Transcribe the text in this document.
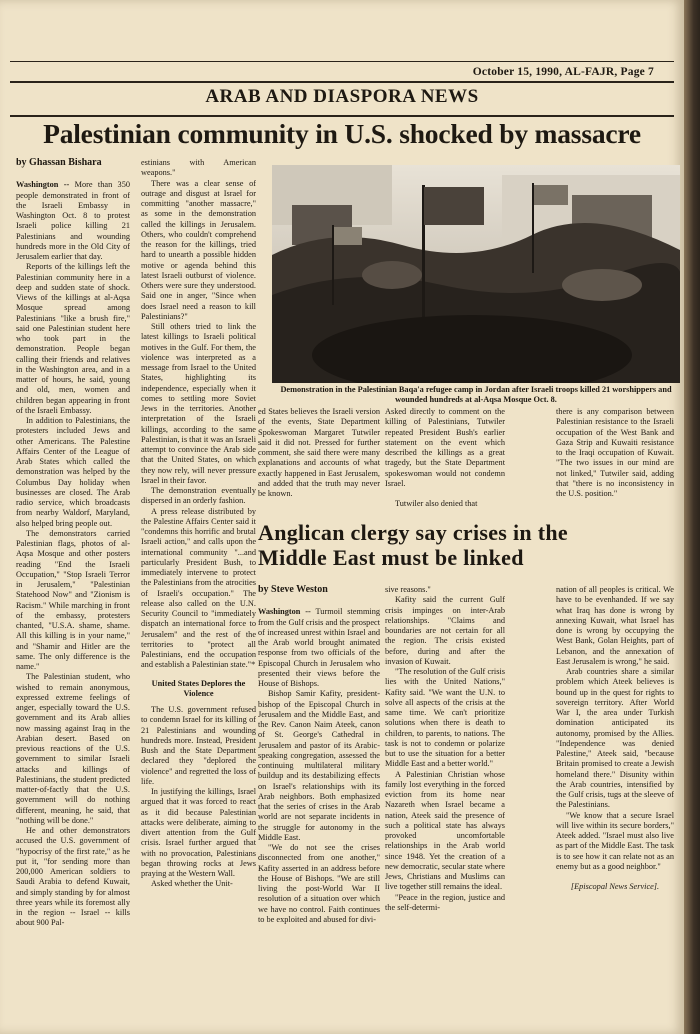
October 15, 1990, AL-FAJR, Page 7
ARAB AND DIASPORA NEWS
Palestinian community in U.S. shocked by massacre
by Ghassan Bishara

Washington -- More than 350 people demonstrated in front of the Israeli Embassy in Washington Oct. 8 to protest Israeli police killing 21 Palestinians and wounding hundreds more in the Old City of Jerusalem earlier that day.

Reports of the killings left the Palestinian community here in a deep and sudden state of shock. Views of the killings at al-Aqsa Mosque spread among Palestinians "like a brush fire," said one Palestinian student here who took part in the demonstration. People began calling their friends and relatives in the Washington area, and in a matter of hours, he said, young and old, men, women and children began appearing in front of the Israeli Embassy.

In addition to Palestinians, the protesters included Jews and other Americans. The Palestine Affairs Center of the League of Arab States which called the demonstration was helped by the Columbus Day holiday when businesses are closed. The Arab radio service, which broadcasts from nearby Waldorf, Maryland, also helped bring people out.

The demonstrators carried Palestinian flags, photos of al-Aqsa Mosque and other posters reading "End the Israeli Occupation," "Stop Israeli Terror in Jerusalem," "Palestinian Statehood Now" and "Zionism is Racism." While marching in front of the embassy, protesters chanted, "U.S.A. shame, shame. All this killing is in your name," and "Shamir and Hitler are the same. The only difference is the name."

The Palestinian student, who wished to remain anonymous, expressed extreme feelings of anger, especially toward the U.S. government and its Arab allies now massing against Iraq in the Arabian desert. Based on previous reactions of the U.S. government to similar Israeli attacks and killings of Palestinians, the student predicted matter-of-factly that the U.S. government will do nothing different, meaning, he said, that "nothing will be done."

He and other demonstrators accused the U.S. government of "hypocrisy of the first rate," as he put it, "for sending more than 200,000 American soldiers to Saudi Arabia to defend Kuwait, and simply standing by for almost three years while its foremost ally in the region -- Israel -- kills about 900 Pal-

estinians with American weapons."

There was a clear sense of outrage and disgust at Israel for committing "another massacre," as some in the demonstration called the killings in Jerusalem. Others, who couldn't comprehend the reason for the killings, tried hard to unearth a possible hidden motive or agenda behind this latest Israeli outburst of violence. Others were sure they understood. Said one in anger, "Since when does Israel need a reason to kill Palestinians?"

Still others tried to link the latest killings to Israeli political motives in the Gulf. For them, the violence was interpreted as a message from Israel to the United States, highlighting its independence, especially when it comes to settling more Soviet Jews in the territories. Another interpretation of the Israeli killings, according to the same Palestinian, is that it was an Israeli attempt to convince the Arab side that the United States, on which they now rely, will never pressure Israel in their favor.

The demonstration eventually dispersed in an orderly fashion.

A press release distributed by the Palestine Affairs Center said it "condemns this horrific and brutal Israeli action," and calls upon the international community "...and particularly President Bush, to immediately intervene to protect the Palestinians from the atrocities of Israeli's occupation." The release also called on the U.N. Security Council to "immediately dispatch an international force to Jerusalem" and the rest of the territories to "protect all Palestinians, end the occupation and establish a Palestinian state."*

United States Deplores the Violence

The U.S. government refused to condemn Israel for its killing of 21 Palestinians and wounding hundreds more. Instead, President Bush and the State Department declared they "deplored the violence" and regretted the loss of life.

In justifying the killings, Israel argued that it was forced to react as it did because Palestinian attacks were deliberate, aiming to divert attention from the Gulf crisis. Israel further argued that with no provocation, Palestinians began throwing rocks at Jews praying at the Western Wall.

Asked whether the Unit-

Demonstration in the Palestinian Baqa'a refugee camp in Jordan after Israeli troops killed 21 worshippers and wounded hundreds at al-Aqsa Mosque Oct. 8.

ed States believes the Israeli version of the events, State Department Spokeswoman Margaret Tutwiler said it did not. Pressed for further comment, she said there were many explanations and accounts of what exactly happened in East Jerusalem, and added that the truth may never be known.

Asked directly to comment on the killing of Palestinians, Tutwiler repeated President Bush's earlier statement on the event which described the killings as a great tragedy, but the State Department spokeswoman would not condemn Israel.

Tutwiler also denied that

there is any comparison between Palestinian resistance to the Israeli occupation of the West Bank and Gaza Strip and Kuwaiti resistance to the Iraqi occupation of Kuwait. "The two issues in our mind are not linked," Tutwiler said, adding that "there is no inconsistency in the U.S. position."

Anglican clergy say crises in the Middle East must be linked
by Steve Weston

Washington -- Turmoil stemming from the Gulf crisis and the prospect of increased unrest within Israel and the Arab world brought animated response from two officials of the Episcopal Church in Jerusalem who presented their views before the House of Bishops.

Bishop Samir Kafity, president-bishop of the Episcopal Church in Jerusalem and the Middle East, and the Rev. Canon Naim Ateek, canon of St. George's Cathedral in Jerusalem and pastor of its Arabic-speaking congregation, assessed the continuing multilateral military buildup and its destabilizing effects on Israel's relationships with its Arab neighbors. Both emphasized that the series of crises in the Arab world are not separate incidents in the struggle for autonomy in the Middle East.

"We do not see the crises disconnected from one another," Kafity asserted in an address before the House of Bishops. "We are still living the post-World War II resolution of a situation over which we have no control. Faith continues to be exploited and abused for divi-

sive reasons."

Kafity said the current Gulf crisis impinges on inter-Arab relationships. "Claims and boundaries are not certain for all the region. The crisis existed before, during and after the invasion of Kuwait.

"The resolution of the Gulf crisis lies with the United Nations," Kafity said. "We want the U.N. to solve all aspects of the crisis at the same time. We can't prioritize solutions when there is death to children, to parents, to nations. The task is not to condemn or polarize but to use the situation for a better Middle East and a better world."

A Palestinian Christian whose family lost everything in the forced eviction from its home near Nazareth when Israel became a nation, Ateek said the presence of such a political state has always provoked uncomfortable relationships in the Arab world since 1948. Yet the creation of a new democratic, secular state where Jews, Christians and Muslims can live together still remains the ideal.

"Peace in the region, justice and the self-determi-

nation of all peoples is critical. We have to be evenhanded. If we say what Iraq has done is wrong by annexing Kuwait, what Israel has done is wrong by occupying the West Bank, Golan Heights, part of Lebanon, and the annexation of East Jerusalem is wrong," he said.

Arab countries share a similar problem which Ateek believes is bound up in the quest for rights to sovereign territory. After World War I, the area under Turkish domination anticipated its autonomy, promised by the Allies. "Independence was denied Palestine," Ateek said, "because Britain promised to create a Jewish homeland there." Disunity within the Arab countries, intensified by the Gulf crisis, tugs at the sleeve of the Palestinians.

"We know that a secure Israel will live within its secure borders," Ateek added. "Israel must also live as part of the Middle East. The task is to see how it can relate not as an enemy but as a good neighbor."

[Episcopal News Service].
